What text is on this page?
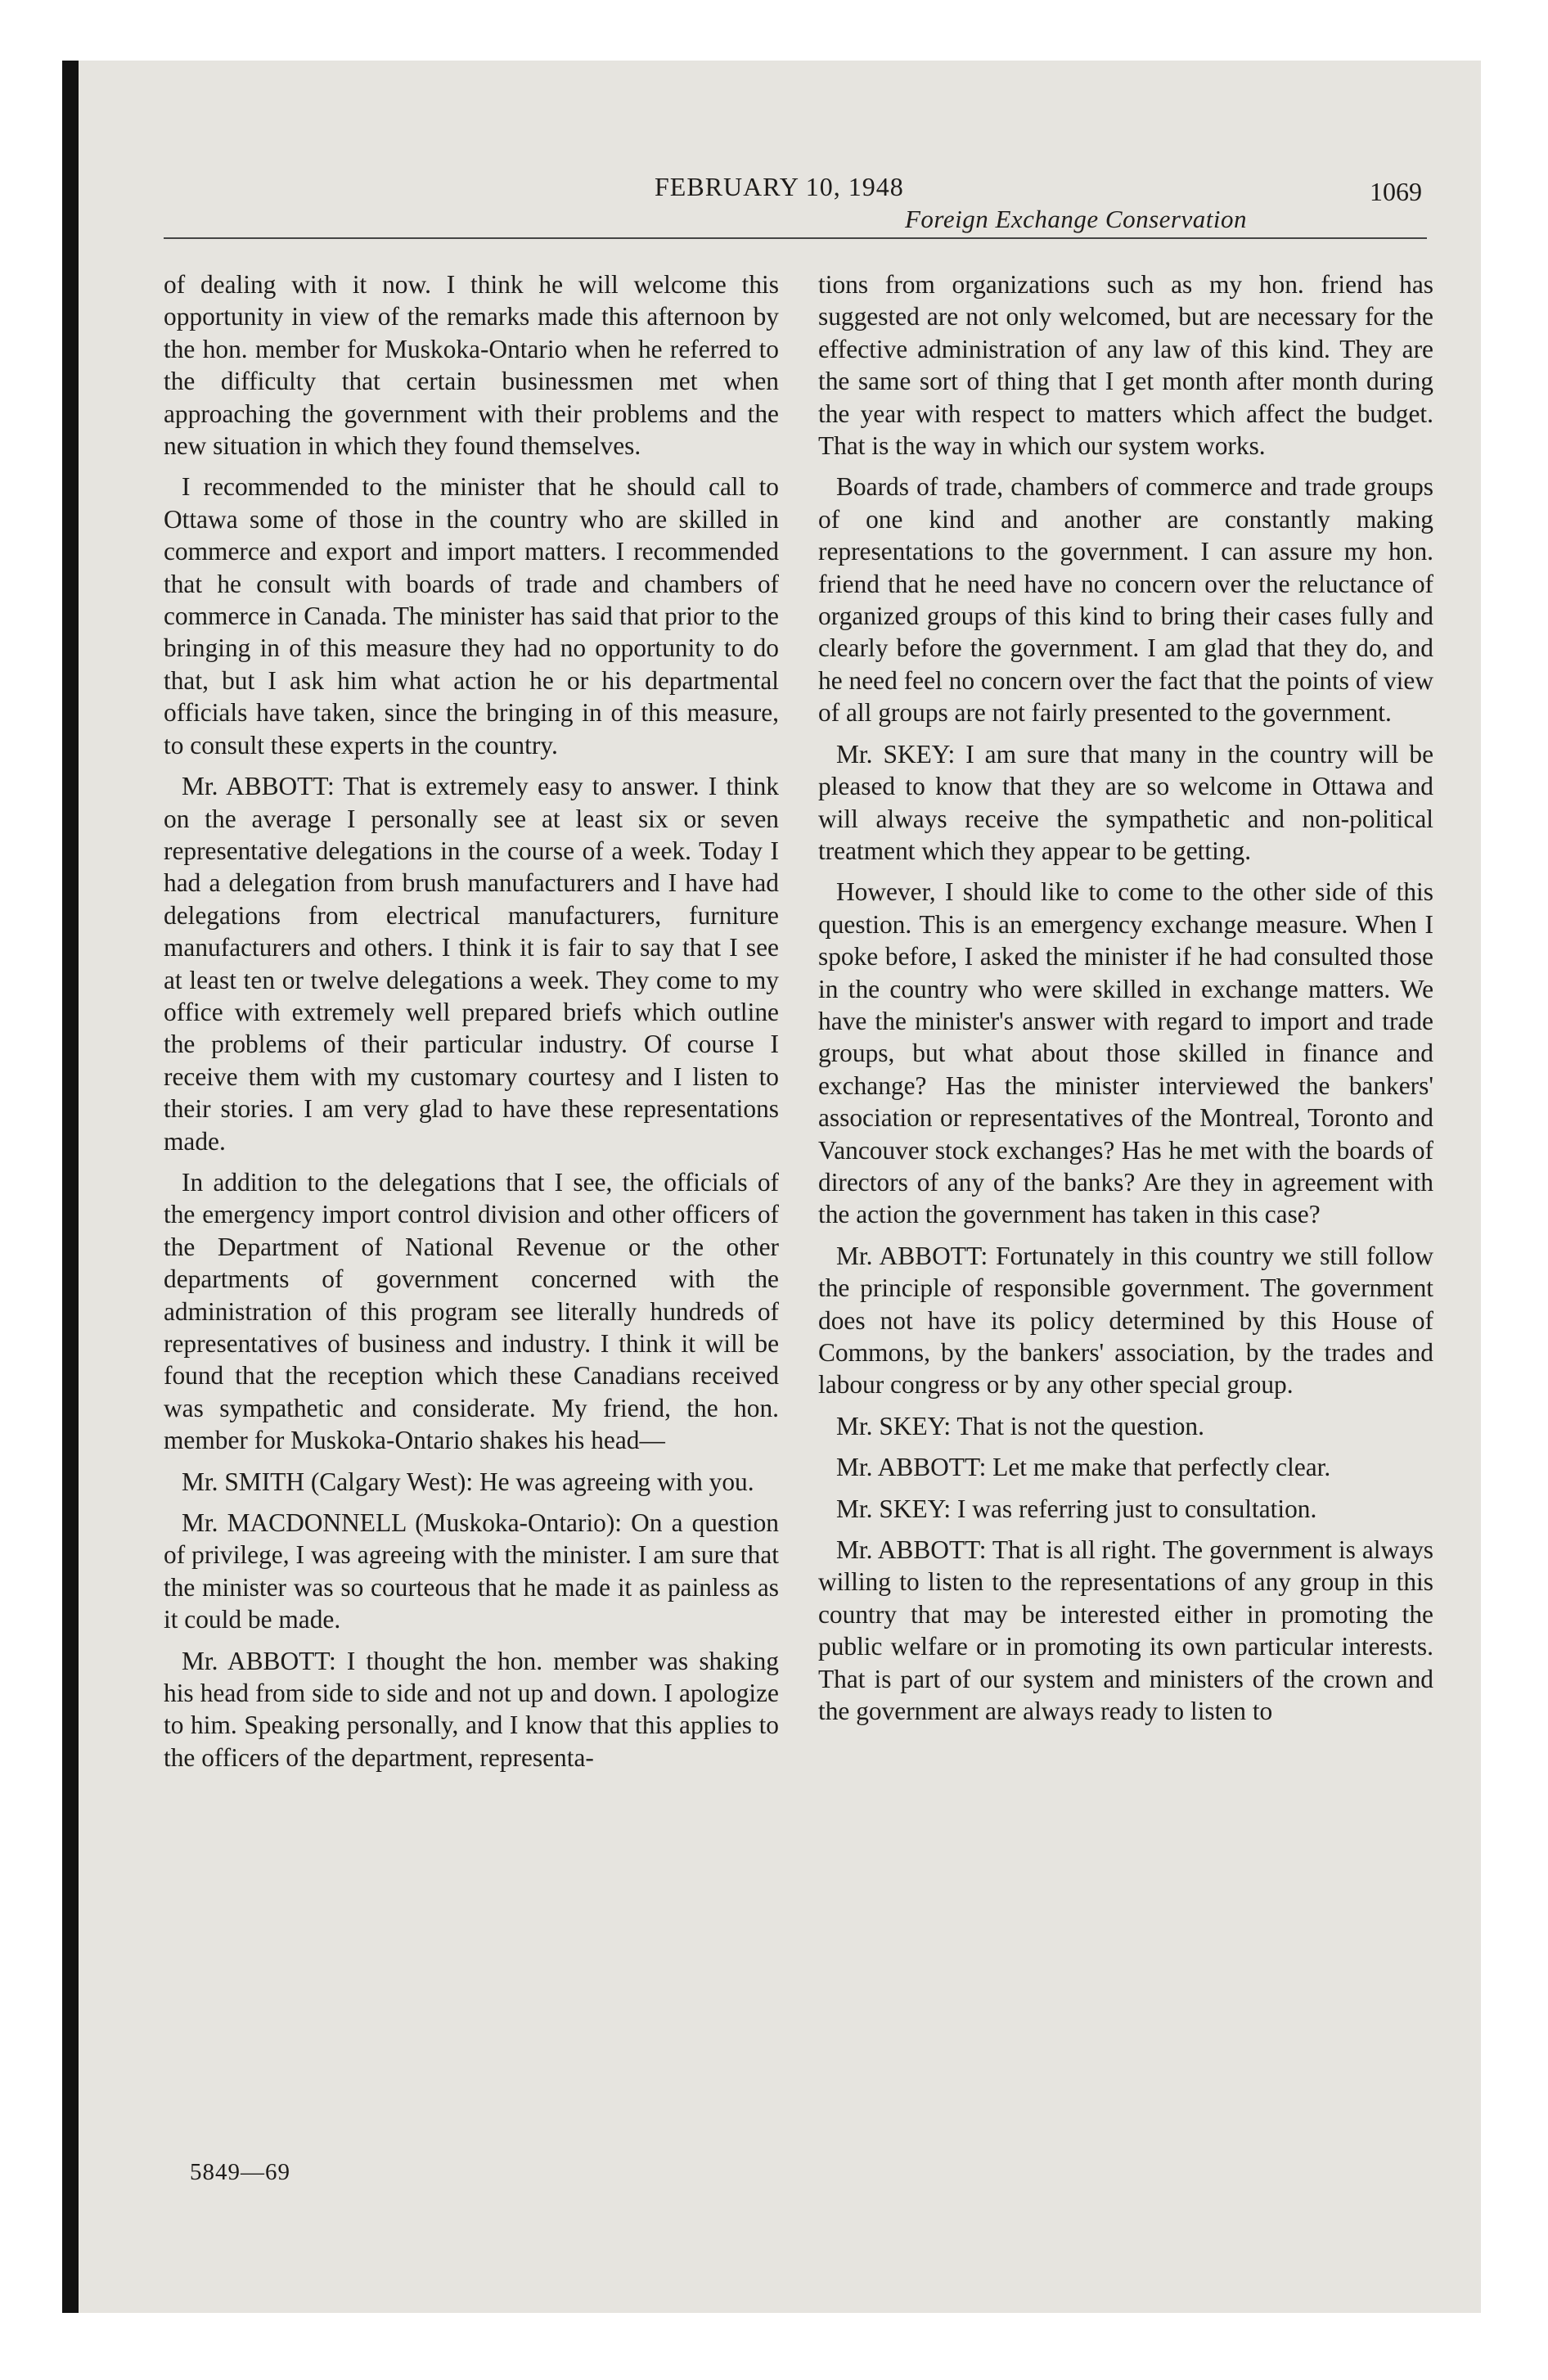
FEBRUARY 10, 1948	1069
Foreign Exchange Conservation

of dealing with it now. I think he will welcome this opportunity in view of the remarks made this afternoon by the hon. member for Muskoka-Ontario when he referred to the difficulty that certain businessmen met when approaching the government with their problems and the new situation in which they found themselves.

I recommended to the minister that he should call to Ottawa some of those in the country who are skilled in commerce and export and import matters. I recommended that he consult with boards of trade and chambers of commerce in Canada. The minister has said that prior to the bringing in of this measure they had no opportunity to do that, but I ask him what action he or his departmental officials have taken, since the bringing in of this measure, to consult these experts in the country.

Mr. ABBOTT: That is extremely easy to answer. I think on the average I personally see at least six or seven representative delegations in the course of a week. Today I had a delegation from brush manufacturers and I have had delegations from electrical manufacturers, furniture manufacturers and others. I think it is fair to say that I see at least ten or twelve delegations a week. They come to my office with extremely well prepared briefs which outline the problems of their particular industry. Of course I receive them with my customary courtesy and I listen to their stories. I am very glad to have these representations made.

In addition to the delegations that I see, the officials of the emergency import control division and other officers of the Department of National Revenue or the other departments of government concerned with the administration of this program see literally hundreds of representatives of business and industry. I think it will be found that the reception which these Canadians received was sympathetic and considerate. My friend, the hon. member for Muskoka-Ontario shakes his head—

Mr. SMITH (Calgary West): He was agreeing with you.

Mr. MACDONNELL (Muskoka-Ontario): On a question of privilege, I was agreeing with the minister. I am sure that the minister was so courteous that he made it as painless as it could be made.

Mr. ABBOTT: I thought the hon. member was shaking his head from side to side and not up and down. I apologize to him. Speaking personally, and I know that this applies to the officers of the department, representa-

tions from organizations such as my hon. friend has suggested are not only welcomed, but are necessary for the effective administration of any law of this kind. They are the same sort of thing that I get month after month during the year with respect to matters which affect the budget. That is the way in which our system works.

Boards of trade, chambers of commerce and trade groups of one kind and another are constantly making representations to the government. I can assure my hon. friend that he need have no concern over the reluctance of organized groups of this kind to bring their cases fully and clearly before the government. I am glad that they do, and he need feel no concern over the fact that the points of view of all groups are not fairly presented to the government.

Mr. SKEY: I am sure that many in the country will be pleased to know that they are so welcome in Ottawa and will always receive the sympathetic and non-political treatment which they appear to be getting.

However, I should like to come to the other side of this question. This is an emergency exchange measure. When I spoke before, I asked the minister if he had consulted those in the country who were skilled in exchange matters. We have the minister's answer with regard to import and trade groups, but what about those skilled in finance and exchange? Has the minister interviewed the bankers' association or representatives of the Montreal, Toronto and Vancouver stock exchanges? Has he met with the boards of directors of any of the banks? Are they in agreement with the action the government has taken in this case?

Mr. ABBOTT: Fortunately in this country we still follow the principle of responsible government. The government does not have its policy determined by this House of Commons, by the bankers' association, by the trades and labour congress or by any other special group.

Mr. SKEY: That is not the question.

Mr. ABBOTT: Let me make that perfectly clear.

Mr. SKEY: I was referring just to consultation.

Mr. ABBOTT: That is all right. The government is always willing to listen to the representations of any group in this country that may be interested either in promoting the public welfare or in promoting its own particular interests. That is part of our system and ministers of the crown and the government are always ready to listen to

5849—69
